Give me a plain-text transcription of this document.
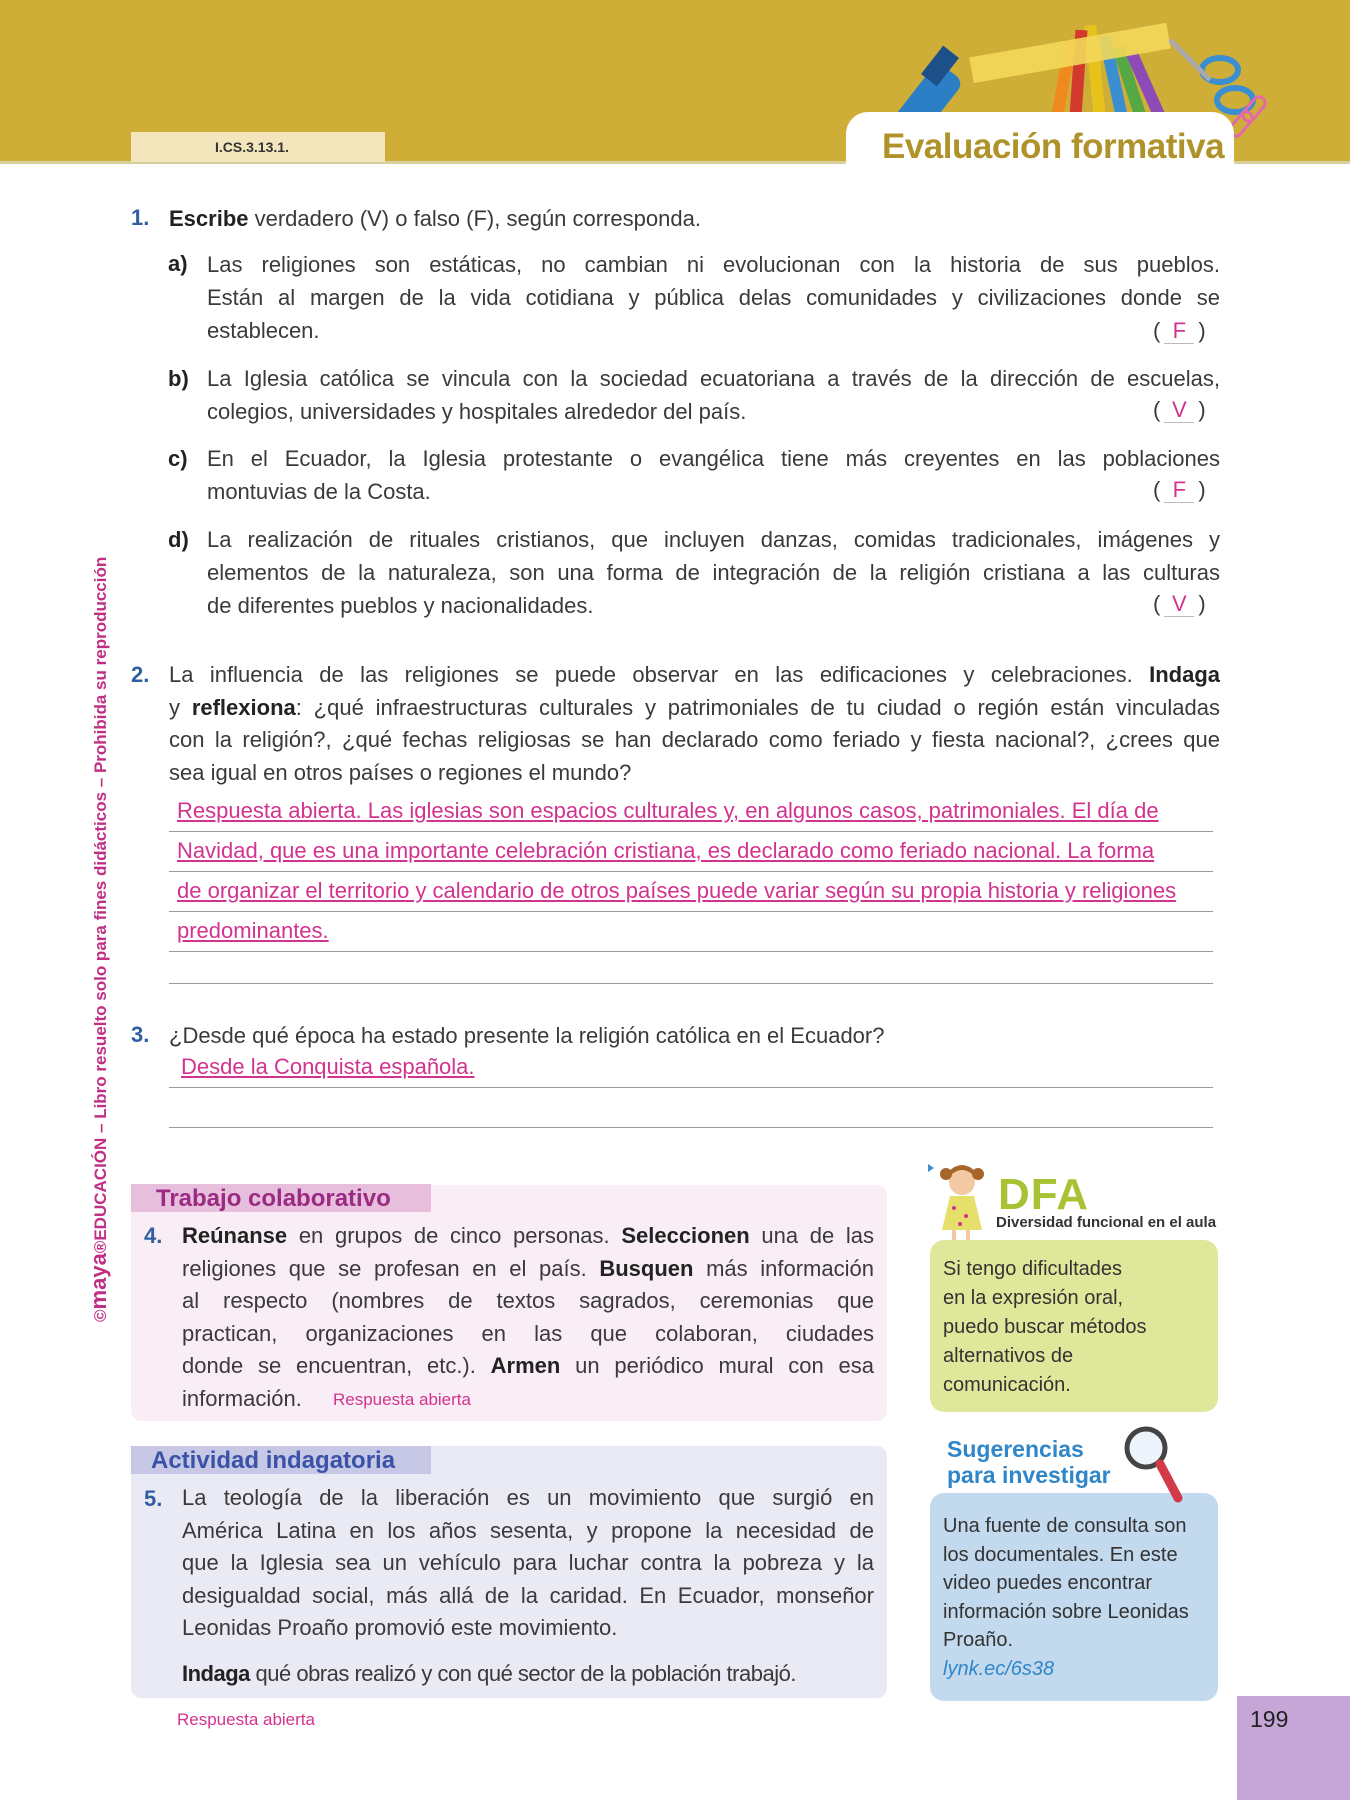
I.CS.3.13.1.	Evaluación formativa
©maya®EDUCACIÓN – Libro resuelto solo para fines didácticos – Prohibida su reproducción
1. Escribe verdadero (V) o falso (F), según corresponda.
a) Las religiones son estáticas, no cambian ni evolucionan con la historia de sus pueblos.
Están al margen de la vida cotidiana y pública delas comunidades y civilizaciones donde se
establecen.	( F )
b) La Iglesia católica se vincula con la sociedad ecuatoriana a través de la dirección de escuelas,
colegios, universidades y hospitales alrededor del país.	( V )
c) En el Ecuador, la Iglesia protestante o evangélica tiene más creyentes en las poblaciones
montuvias de la Costa.	( F )
d) La realización de rituales cristianos, que incluyen danzas, comidas tradicionales, imágenes y
elementos de la naturaleza, son una forma de integración de la religión cristiana a las culturas
de diferentes pueblos y nacionalidades.	( V )
2. La influencia de las religiones se puede observar en las edificaciones y celebraciones. Indaga
y reflexiona: ¿qué infraestructuras culturales y patrimoniales de tu ciudad o región están vinculadas
con la religión?, ¿qué fechas religiosas se han declarado como feriado y fiesta nacional?, ¿crees que
sea igual en otros países o regiones el mundo?
Respuesta abierta. Las iglesias son espacios culturales y, en algunos casos, patrimoniales. El día de
Navidad, que es una importante celebración cristiana, es declarado como feriado nacional. La forma
de organizar el territorio y calendario de otros países puede variar según su propia historia y religiones
predominantes.
3. ¿Desde qué época ha estado presente la religión católica en el Ecuador?
Desde la Conquista española.
Trabajo colaborativo
4. Reúnanse en grupos de cinco personas. Seleccionen una de las
religiones que se profesan en el país. Busquen más información
al respecto (nombres de textos sagrados, ceremonias que
practican, organizaciones en las que colaboran, ciudades
donde se encuentran, etc.). Armen un periódico mural con esa
información.	Respuesta abierta
Actividad indagatoria
5. La teología de la liberación es un movimiento que surgió en
América Latina en los años sesenta, y propone la necesidad de
que la Iglesia sea un vehículo para luchar contra la pobreza y la
desigualdad social, más allá de la caridad. En Ecuador, monseñor
Leonidas Proaño promovió este movimiento.
Indaga qué obras realizó y con qué sector de la población trabajó.
Respuesta abierta
DFA
Diversidad funcional en el aula
Si tengo dificultades
en la expresión oral,
puedo buscar métodos
alternativos de
comunicación.
Sugerencias
para investigar
Una fuente de consulta son
los documentales. En este
video puedes encontrar
información sobre Leonidas
Proaño.
lynk.ec/6s38
199
